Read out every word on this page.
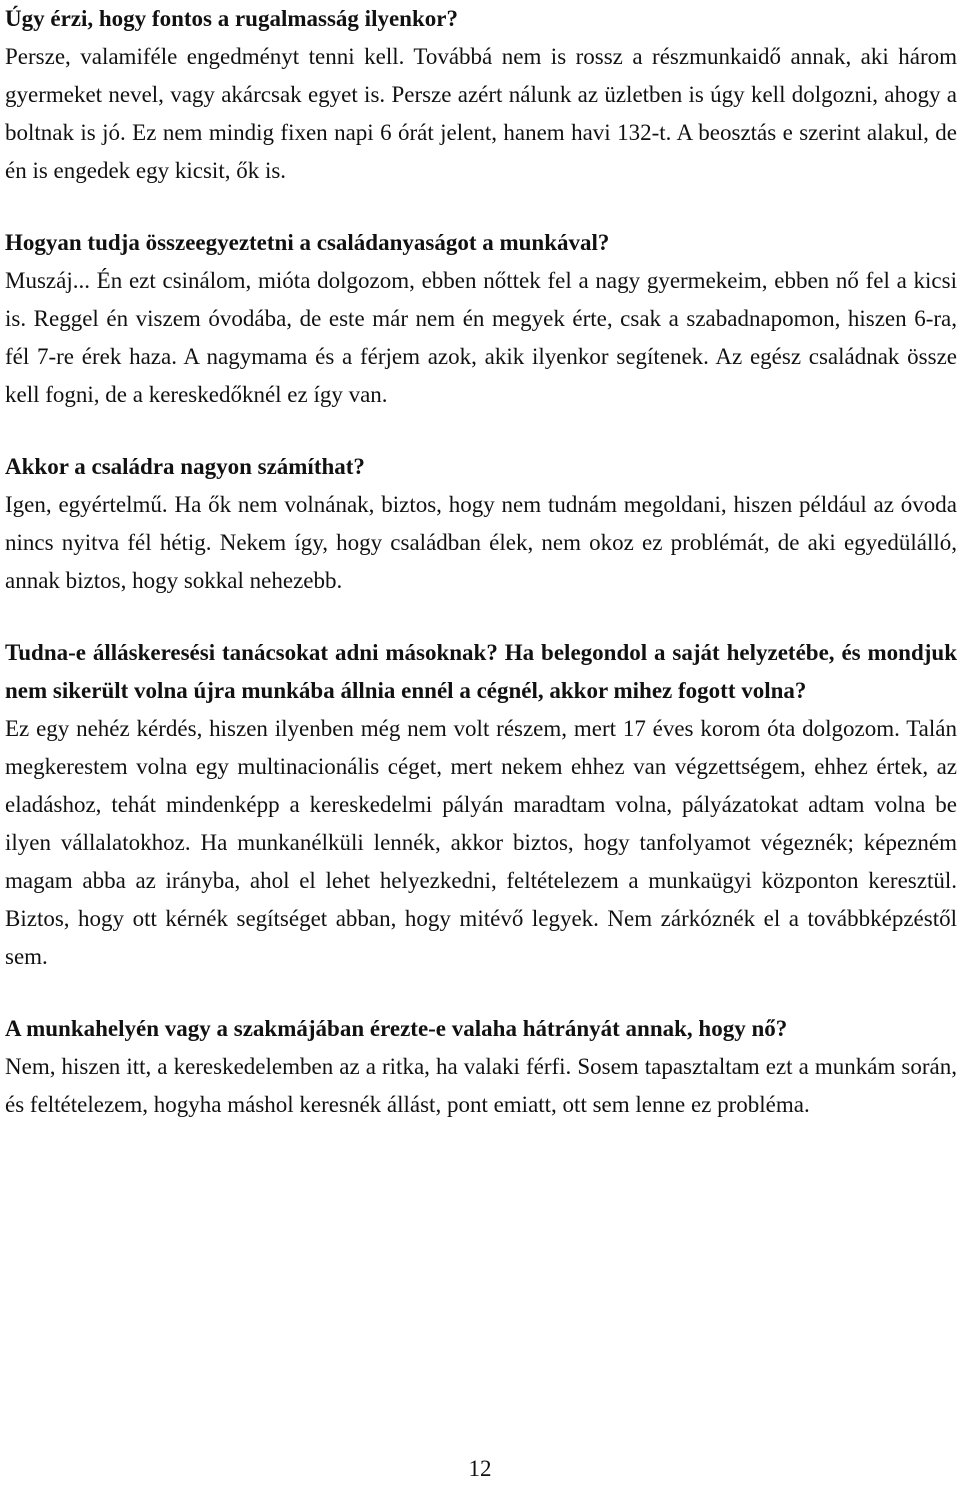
Úgy érzi, hogy fontos a rugalmasság ilyenkor?

Persze, valamiféle engedményt tenni kell. Továbbá nem is rossz a részmunkaidő annak, aki három gyermeket nevel, vagy akárcsak egyet is. Persze azért nálunk az üzletben is úgy kell dolgozni, ahogy a boltnak is jó. Ez nem mindig fixen napi 6 órát jelent, hanem havi 132-t. A beosztás e szerint alakul, de én is engedek egy kicsit, ők is.

Hogyan tudja összeegyeztetni a családanyaságot a munkával?

Muszáj... Én ezt csinálom, mióta dolgozom, ebben nőttek fel a nagy gyermekeim, ebben nő fel a kicsi is. Reggel én viszem óvodába, de este már nem én megyek érte, csak a szabadnapomon, hiszen 6-ra, fél 7-re érek haza. A nagymama és a férjem azok, akik ilyenkor segítenek. Az egész családnak össze kell fogni, de a kereskedőknél ez így van.

Akkor a családra nagyon számíthat?

Igen, egyértelmű. Ha ők nem volnának, biztos, hogy nem tudnám megoldani, hiszen például az óvoda nincs nyitva fél hétig. Nekem így, hogy családban élek, nem okoz ez problémát, de aki egyedülálló, annak biztos, hogy sokkal nehezebb.

Tudna-e álláskeresési tanácsokat adni másoknak? Ha belegondol a saját helyzetébe, és mondjuk nem sikerült volna újra munkába állnia ennél a cégnél, akkor mihez fogott volna?

Ez egy nehéz kérdés, hiszen ilyenben még nem volt részem, mert 17 éves korom óta dolgozom. Talán megkerestem volna egy multinacionális céget, mert nekem ehhez van végzettségem, ehhez értek, az eladáshoz, tehát mindenképp a kereskedelmi pályán maradtam volna, pályázatokat adtam volna be ilyen vállalatokhoz. Ha munkanélküli lennék, akkor biztos, hogy tanfolyamot végeznék; képezném magam abba az irányba, ahol el lehet helyezkedni, feltételezem a munkaügyi központon keresztül. Biztos, hogy ott kérnék segítséget abban, hogy mitévő legyek. Nem zárkóznék el a továbbképzéstől sem.

A munkahelyén vagy a szakmájában érezte-e valaha hátrányát annak, hogy nő?

Nem, hiszen itt, a kereskedelemben az a ritka, ha valaki férfi. Sosem tapasztaltam ezt a munkám során, és feltételezem, hogyha máshol keresnék állást, pont emiatt, ott sem lenne ez probléma.

12
